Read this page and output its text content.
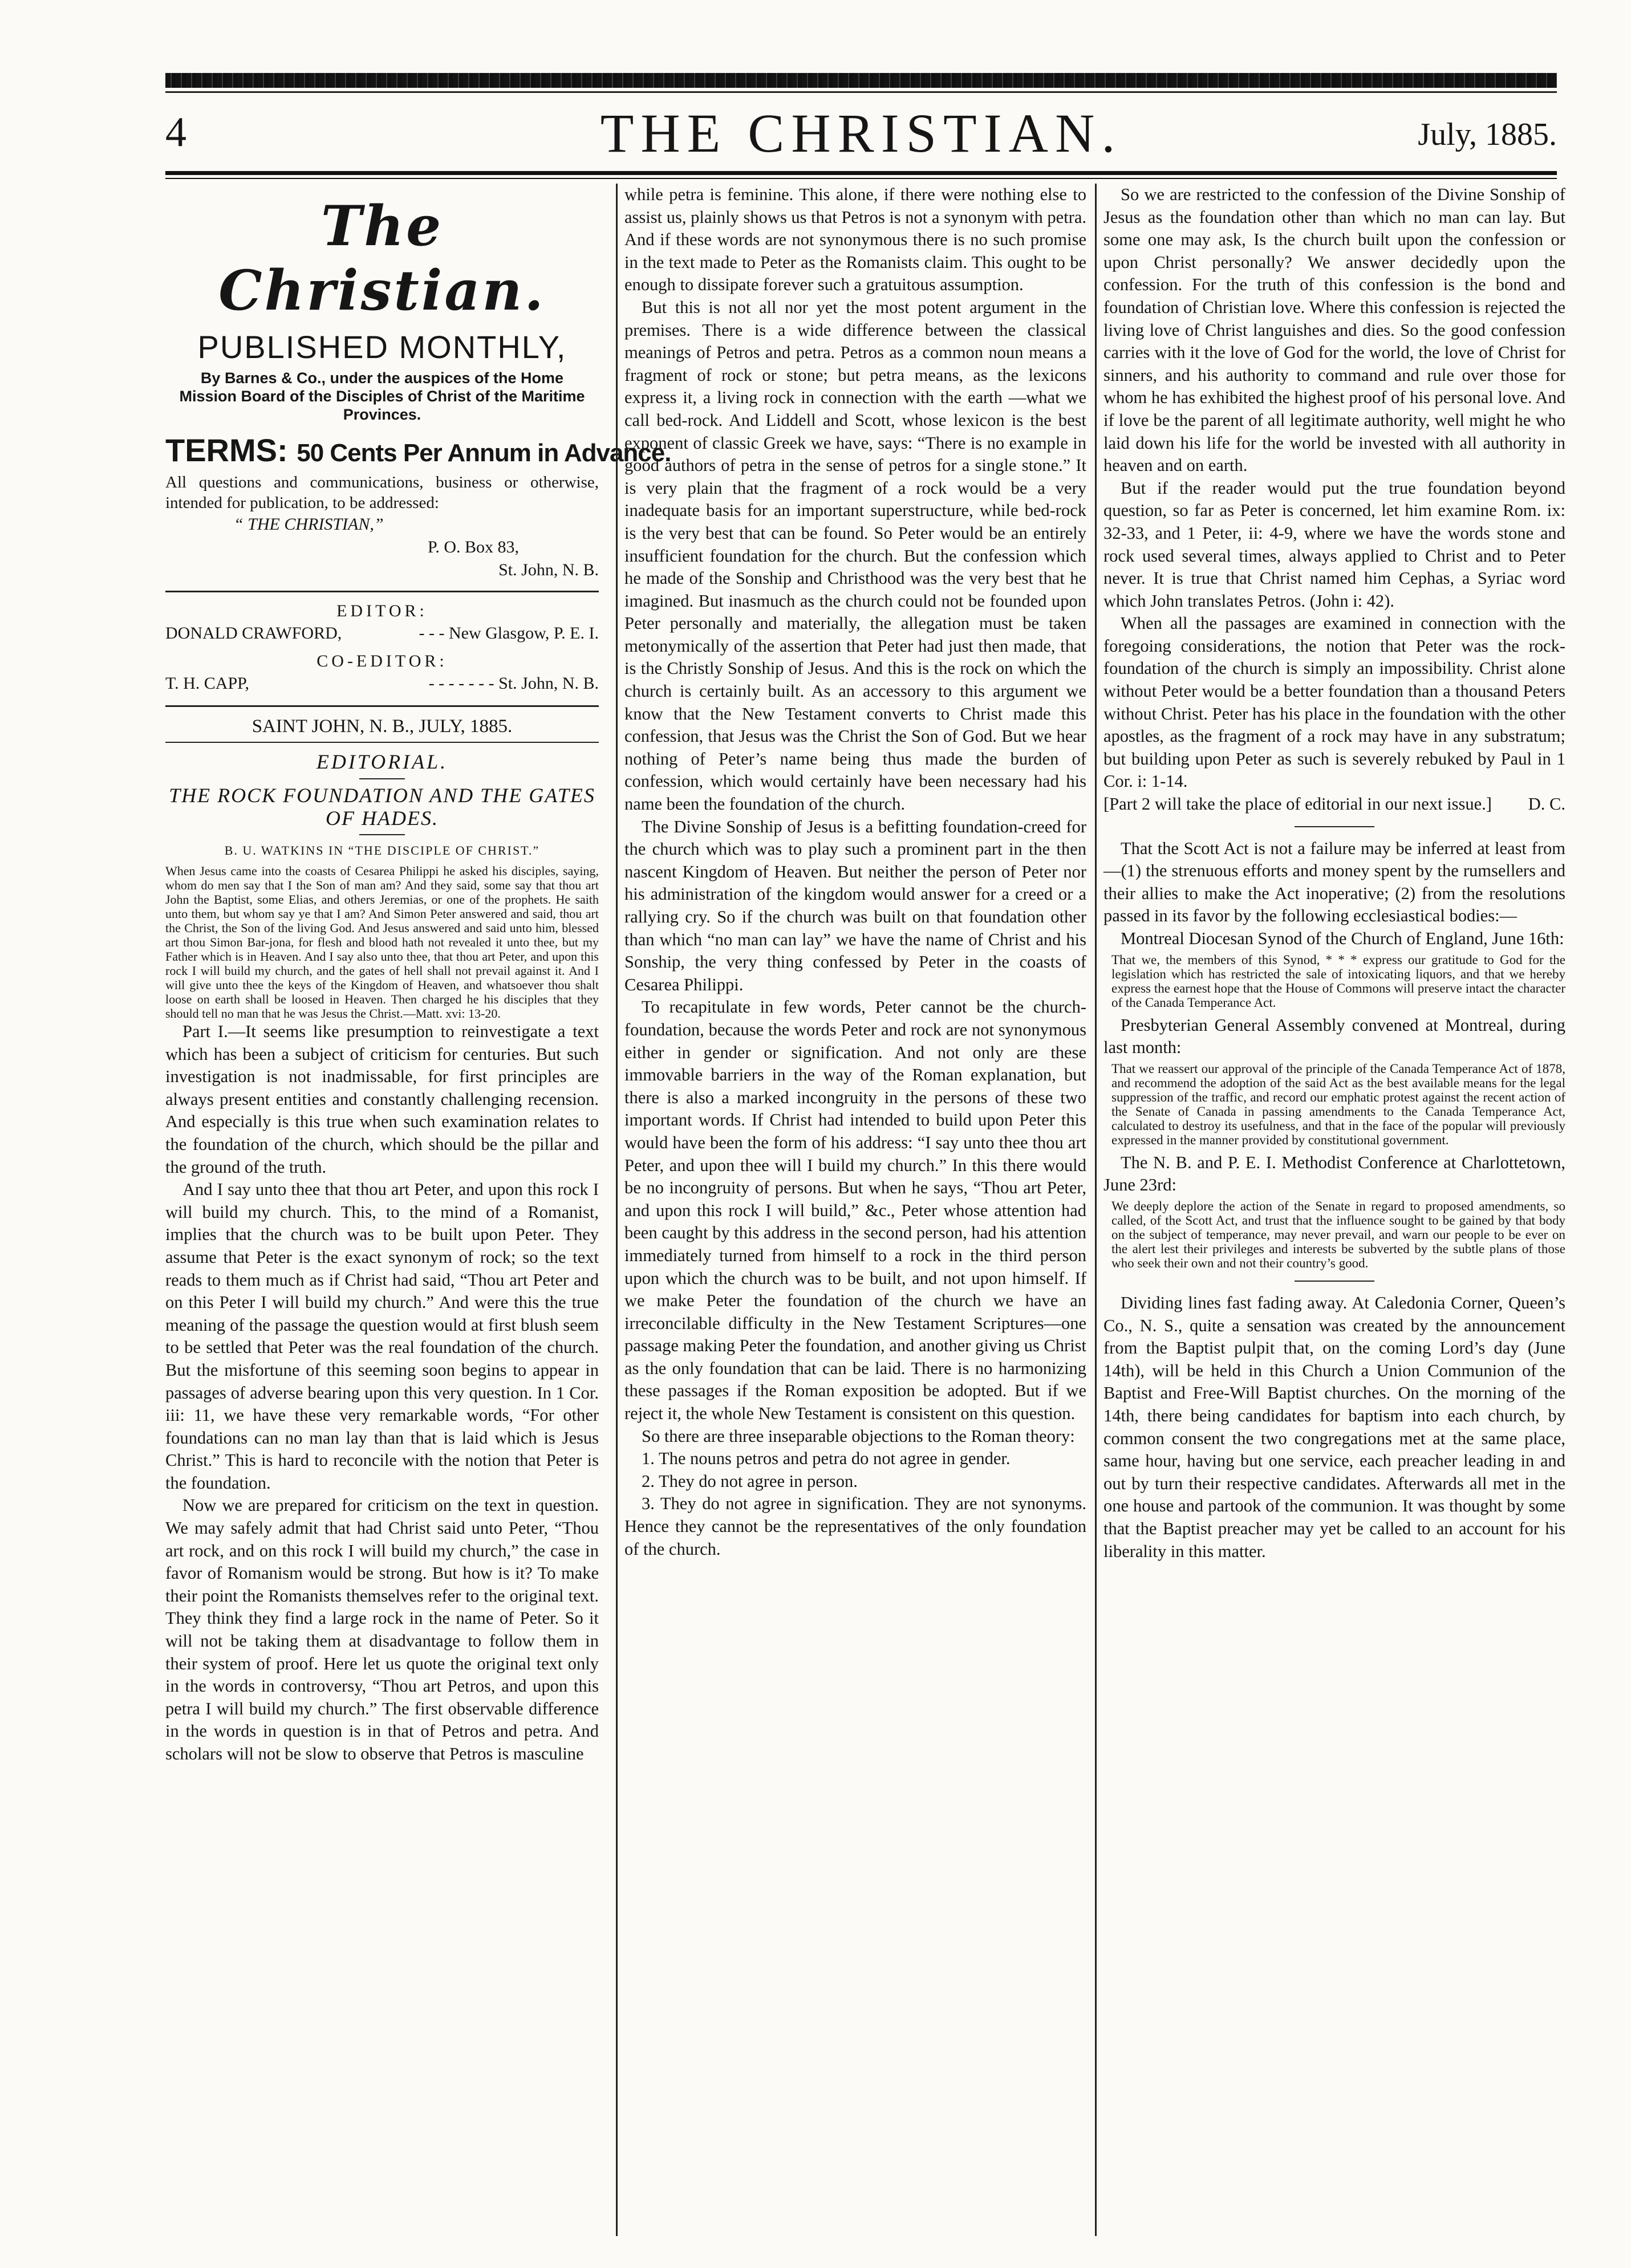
4	THE CHRISTIAN.	July, 1885.
The Christian.
PUBLISHED MONTHLY,
By Barnes & Co., under the auspices of the Home Mission Board of the Disciples of Christ of the Maritime Provinces.
TERMS: 50 Cents Per Annum in Advance.
All questions and communications, business or otherwise, intended for publication, to be addressed:
“ THE CHRISTIAN,”
P. O. Box 83,
St. John, N. B.
EDITOR:
DONALD CRAWFORD,	- - - New Glasgow, P. E. I.
CO-EDITOR:
T. H. CAPP,	- - - - - - - St. John, N. B.
SAINT JOHN, N. B., JULY, 1885.
EDITORIAL.
THE ROCK FOUNDATION AND THE GATES OF HADES.
B. U. WATKINS IN “THE DISCIPLE OF CHRIST.”
When Jesus came into the coasts of Cesarea Philippi he asked his disciples, saying, whom do men say that I the Son of man am? And they said, some say that thou art John the Baptist, some Elias, and others Jeremias, or one of the prophets. He saith unto them, but whom say ye that I am? And Simon Peter answered and said, thou art the Christ, the Son of the living God. And Jesus answered and said unto him, blessed art thou Simon Bar-jona, for flesh and blood hath not revealed it unto thee, but my Father which is in Heaven. And I say also unto thee, that thou art Peter, and upon this rock I will build my church, and the gates of hell shall not prevail against it. And I will give unto thee the keys of the Kingdom of Heaven, and whatsoever thou shalt loose on earth shall be loosed in Heaven. Then charged he his disciples that they should tell no man that he was Jesus the Christ.—Matt. xvi: 13-20.

Part I.—It seems like presumption to reinvestigate a text which has been a subject of criticism for centuries. But such investigation is not inadmissable, for first principles are always present entities and constantly challenging recension. And especially is this true when such examination relates to the foundation of the church, which should be the pillar and the ground of the truth.

And I say unto thee that thou art Peter, and upon this rock I will build my church. This, to the mind of a Romanist, implies that the church was to be built upon Peter. They assume that Peter is the exact synonym of rock; so the text reads to them much as if Christ had said, “Thou art Peter and on this Peter I will build my church.” And were this the true meaning of the passage the question would at first blush seem to be settled that Peter was the real foundation of the church. But the misfortune of this seeming soon begins to appear in passages of adverse bearing upon this very question. In 1 Cor. iii: 11, we have these very remarkable words, “For other foundations can no man lay than that is laid which is Jesus Christ.” This is hard to reconcile with the notion that Peter is the foundation.

Now we are prepared for criticism on the text in question. We may safely admit that had Christ said unto Peter, “Thou art rock, and on this rock I will build my church,” the case in favor of Romanism would be strong. But how is it? To make their point the Romanists themselves refer to the original text. They think they find a large rock in the name of Peter. So it will not be taking them at disadvantage to follow them in their system of proof. Here let us quote the original text only in the words in controversy, “Thou art Petros, and upon this petra I will build my church.” The first observable difference in the words in question is in that of Petros and petra. And scholars will not be slow to observe that Petros is masculine

while petra is feminine. This alone, if there were nothing else to assist us, plainly shows us that Petros is not a synonym with petra. And if these words are not synonymous there is no such promise in the text made to Peter as the Romanists claim. This ought to be enough to dissipate forever such a gratuitous assumption.

But this is not all nor yet the most potent argument in the premises. There is a wide difference between the classical meanings of Petros and petra. Petros as a common noun means a fragment of rock or stone; but petra means, as the lexicons express it, a living rock in connection with the earth —what we call bed-rock. And Liddell and Scott, whose lexicon is the best exponent of classic Greek we have, says: “There is no example in good authors of petra in the sense of petros for a single stone.” It is very plain that the fragment of a rock would be a very inadequate basis for an important superstructure, while bed-rock is the very best that can be found. So Peter would be an entirely insufficient foundation for the church. But the confession which he made of the Sonship and Christhood was the very best that he imagined. But inasmuch as the church could not be founded upon Peter personally and materially, the allegation must be taken metonymically of the assertion that Peter had just then made, that is the Christly Sonship of Jesus. And this is the rock on which the church is certainly built. As an accessory to this argument we know that the New Testament converts to Christ made this confession, that Jesus was the Christ the Son of God. But we hear nothing of Peter’s name being thus made the burden of confession, which would certainly have been necessary had his name been the foundation of the church.

The Divine Sonship of Jesus is a befitting foundation-creed for the church which was to play such a prominent part in the then nascent Kingdom of Heaven. But neither the person of Peter nor his administration of the kingdom would answer for a creed or a rallying cry. So if the church was built on that foundation other than which “no man can lay” we have the name of Christ and his Sonship, the very thing confessed by Peter in the coasts of Cesarea Philippi.

To recapitulate in few words, Peter cannot be the church-foundation, because the words Peter and rock are not synonymous either in gender or signification. And not only are these immovable barriers in the way of the Roman explanation, but there is also a marked incongruity in the persons of these two important words. If Christ had intended to build upon Peter this would have been the form of his address: “I say unto thee thou art Peter, and upon thee will I build my church.” In this there would be no incongruity of persons. But when he says, “Thou art Peter, and upon this rock I will build,” &c., Peter whose attention had been caught by this address in the second person, had his attention immediately turned from himself to a rock in the third person upon which the church was to be built, and not upon himself. If we make Peter the foundation of the church we have an irreconcilable difficulty in the New Testament Scriptures—one passage making Peter the foundation, and another giving us Christ as the only foundation that can be laid. There is no harmonizing these passages if the Roman exposition be adopted. But if we reject it, the whole New Testament is consistent on this question.

So there are three inseparable objections to the Roman theory:

1. The nouns petros and petra do not agree in gender.

2. They do not agree in person.

3. They do not agree in signification. They are not synonyms. Hence they cannot be the representatives of the only foundation of the church.

So we are restricted to the confession of the Divine Sonship of Jesus as the foundation other than which no man can lay. But some one may ask, Is the church built upon the confession or upon Christ personally? We answer decidedly upon the confession. For the truth of this confession is the bond and foundation of Christian love. Where this confession is rejected the living love of Christ languishes and dies. So the good confession carries with it the love of God for the world, the love of Christ for sinners, and his authority to command and rule over those for whom he has exhibited the highest proof of his personal love. And if love be the parent of all legitimate authority, well might he who laid down his life for the world be invested with all authority in heaven and on earth.

But if the reader would put the true foundation beyond question, so far as Peter is concerned, let him examine Rom. ix: 32-33, and 1 Peter, ii: 4-9, where we have the words stone and rock used several times, always applied to Christ and to Peter never. It is true that Christ named him Cephas, a Syriac word which John translates Petros. (John i: 42).

When all the passages are examined in connection with the foregoing considerations, the notion that Peter was the rock-foundation of the church is simply an impossibility. Christ alone without Peter would be a better foundation than a thousand Peters without Christ. Peter has his place in the foundation with the other apostles, as the fragment of a rock may have in any substratum; but building upon Peter as such is severely rebuked by Paul in 1 Cor. i: 1-14.

[Part 2 will take the place of editorial in our next issue.] D. C.

That the Scott Act is not a failure may be inferred at least from—(1) the strenuous efforts and money spent by the rumsellers and their allies to make the Act inoperative; (2) from the resolutions passed in its favor by the following ecclesiastical bodies:—

Montreal Diocesan Synod of the Church of England, June 16th:

That we, the members of this Synod, * * * express our gratitude to God for the legislation which has restricted the sale of intoxicating liquors, and that we hereby express the earnest hope that the House of Commons will preserve intact the character of the Canada Temperance Act.

Presbyterian General Assembly convened at Montreal, during last month:

That we reassert our approval of the principle of the Canada Temperance Act of 1878, and recommend the adoption of the said Act as the best available means for the legal suppression of the traffic, and record our emphatic protest against the recent action of the Senate of Canada in passing amendments to the Canada Temperance Act, calculated to destroy its usefulness, and that in the face of the popular will previously expressed in the manner provided by constitutional government.

The N. B. and P. E. I. Methodist Conference at Charlottetown, June 23rd:

We deeply deplore the action of the Senate in regard to proposed amendments, so called, of the Scott Act, and trust that the influence sought to be gained by that body on the subject of temperance, may never prevail, and warn our people to be ever on the alert lest their privileges and interests be subverted by the subtle plans of those who seek their own and not their country’s good.

Dividing lines fast fading away. At Caledonia Corner, Queen’s Co., N. S., quite a sensation was created by the announcement from the Baptist pulpit that, on the coming Lord’s day (June 14th), will be held in this Church a Union Communion of the Baptist and Free-Will Baptist churches. On the morning of the 14th, there being candidates for baptism into each church, by common consent the two congregations met at the same place, same hour, having but one service, each preacher leading in and out by turn their respective candidates. Afterwards all met in the one house and partook of the communion. It was thought by some that the Baptist preacher may yet be called to an account for his liberality in this matter.
